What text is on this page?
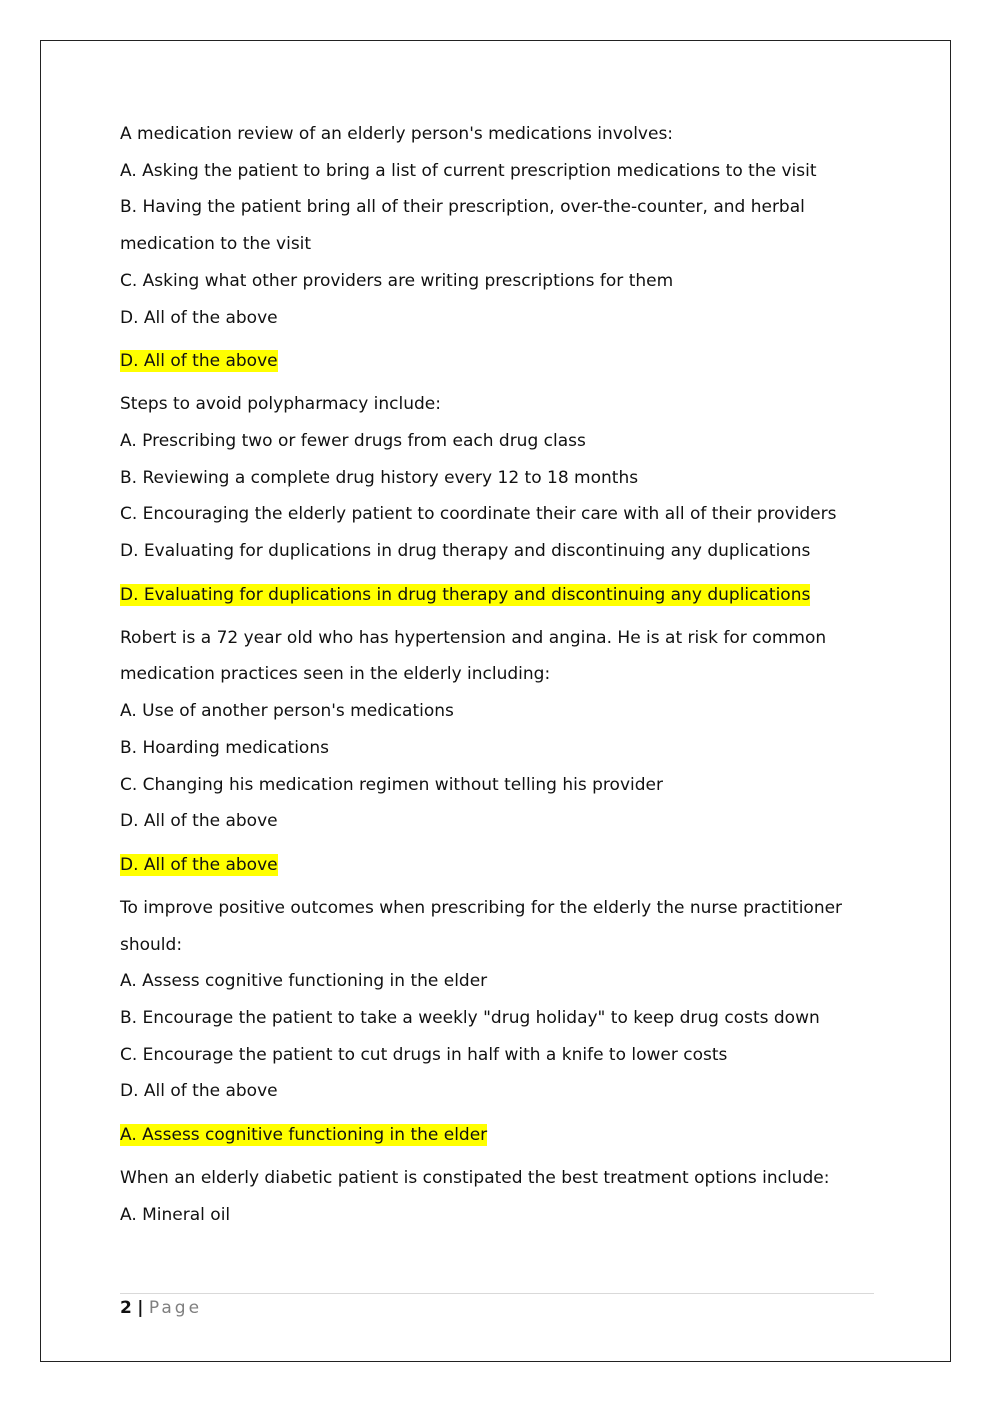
A medication review of an elderly person's medications involves:

A. Asking the patient to bring a list of current prescription medications to the visit

B. Having the patient bring all of their prescription, over-the-counter, and herbal

medication to the visit

C. Asking what other providers are writing prescriptions for them

D. All of the above

D. All of the above

Steps to avoid polypharmacy include:

A. Prescribing two or fewer drugs from each drug class

B. Reviewing a complete drug history every 12 to 18 months

C. Encouraging the elderly patient to coordinate their care with all of their providers

D. Evaluating for duplications in drug therapy and discontinuing any duplications

D. Evaluating for duplications in drug therapy and discontinuing any duplications

Robert is a 72 year old who has hypertension and angina. He is at risk for common

medication practices seen in the elderly including:

A. Use of another person's medications

B. Hoarding medications

C. Changing his medication regimen without telling his provider

D. All of the above

D. All of the above

To improve positive outcomes when prescribing for the elderly the nurse practitioner

should:

A. Assess cognitive functioning in the elder

B. Encourage the patient to take a weekly "drug holiday" to keep drug costs down

C. Encourage the patient to cut drugs in half with a knife to lower costs

D. All of the above

A. Assess cognitive functioning in the elder

When an elderly diabetic patient is constipated the best treatment options include:

A. Mineral oil

2 | Page
